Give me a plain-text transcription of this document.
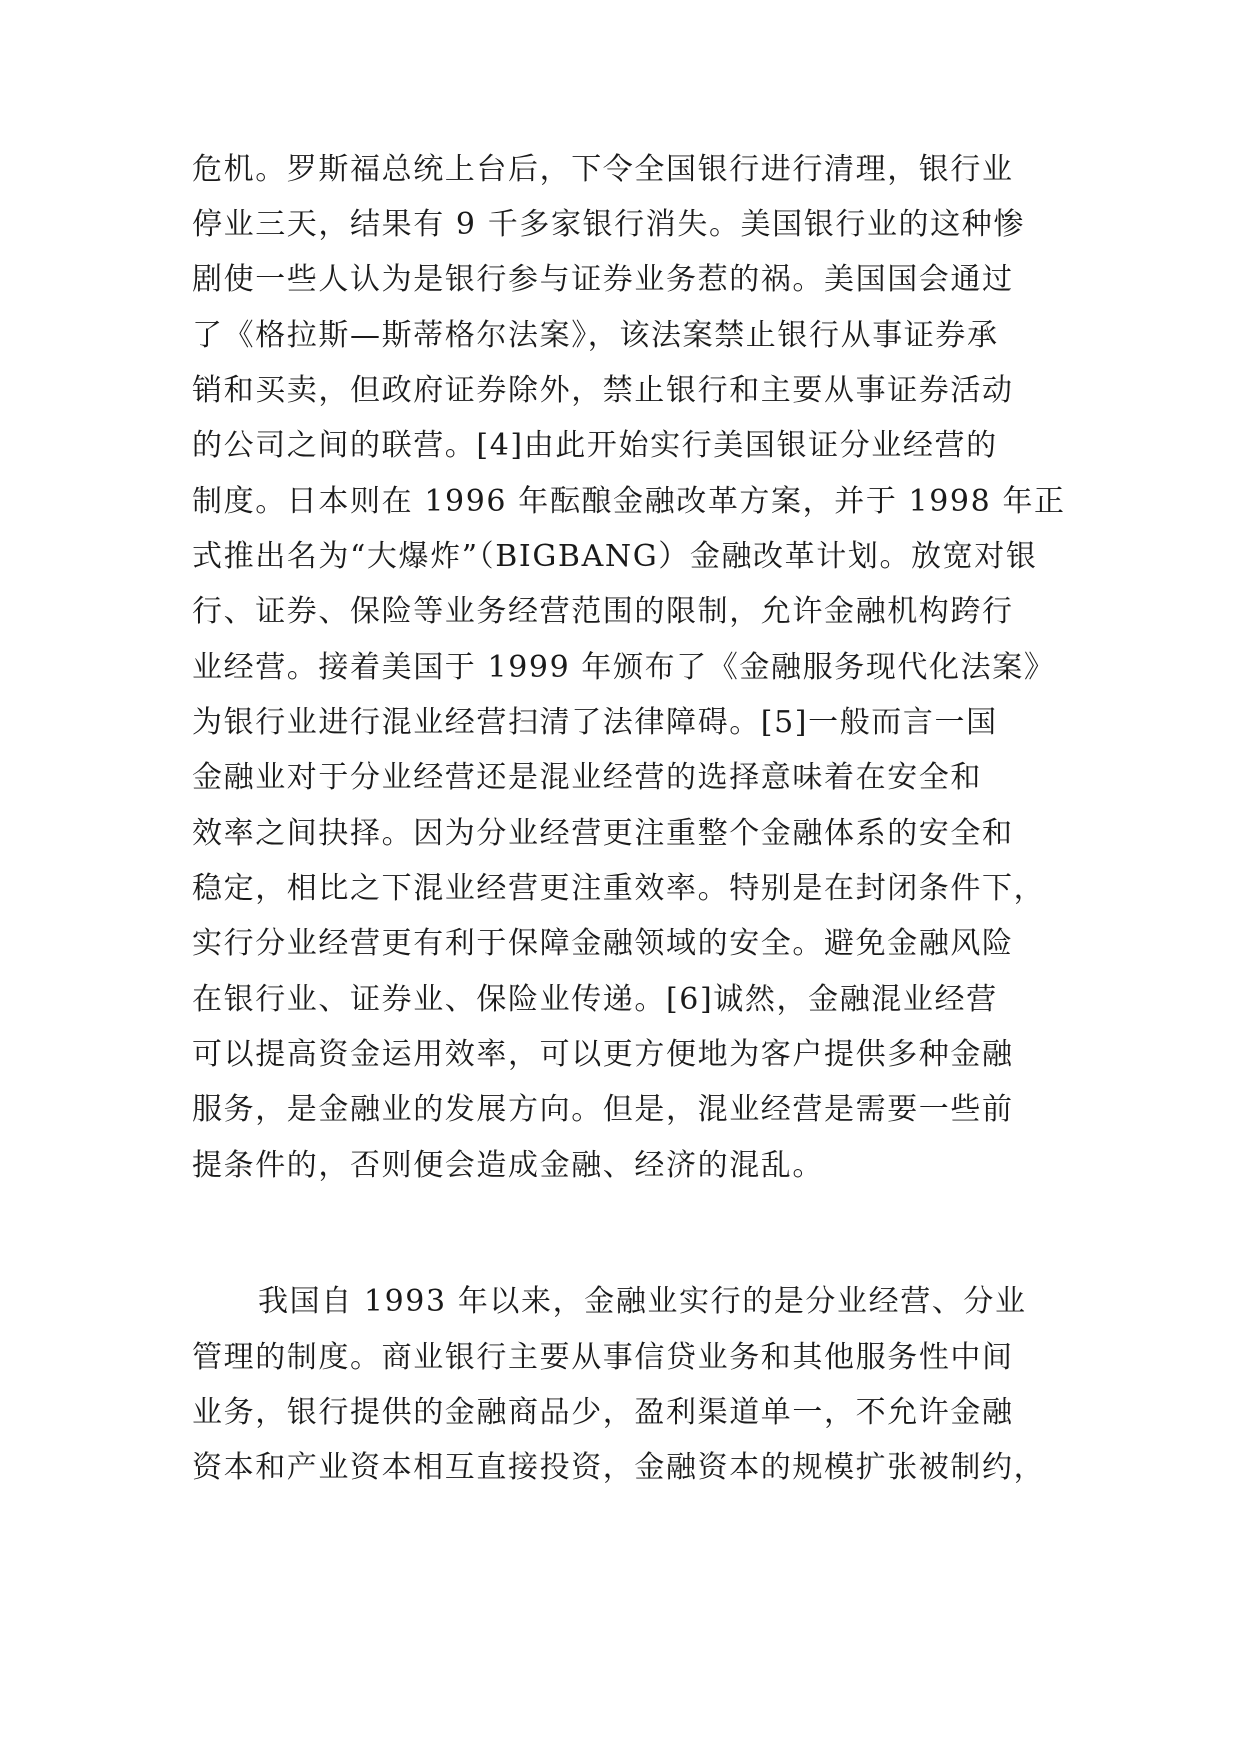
危机。罗斯福总统上台后，下令全国银行进行清理，银行业
停业三天，结果有 9 千多家银行消失。美国银行业的这种惨
剧使一些人认为是银行参与证券业务惹的祸。美国国会通过
了《格拉斯—斯蒂格尔法案》，该法案禁止银行从事证券承
销和买卖，但政府证券除外，禁止银行和主要从事证券活动
的公司之间的联营。[4]由此开始实行美国银证分业经营的
制度。日本则在 1996 年酝酿金融改革方案，并于 1998 年正
式推出名为“大爆炸”（BIGBANG）金融改革计划。放宽对银
行、证券、保险等业务经营范围的限制，允许金融机构跨行
业经营。接着美国于 1999 年颁布了《金融服务现代化法案》
为银行业进行混业经营扫清了法律障碍。[5]一般而言一国
金融业对于分业经营还是混业经营的选择意味着在安全和
效率之间抉择。因为分业经营更注重整个金融体系的安全和
稳定，相比之下混业经营更注重效率。特别是在封闭条件下，
实行分业经营更有利于保障金融领域的安全。避免金融风险
在银行业、证券业、保险业传递。[6]诚然，金融混业经营
可以提高资金运用效率，可以更方便地为客户提供多种金融
服务，是金融业的发展方向。但是，混业经营是需要一些前
提条件的，否则便会造成金融、经济的混乱。
我国自 1993 年以来，金融业实行的是分业经营、分业
管理的制度。商业银行主要从事信贷业务和其他服务性中间
业务，银行提供的金融商品少，盈利渠道单一，不允许金融
资本和产业资本相互直接投资，金融资本的规模扩张被制约，
